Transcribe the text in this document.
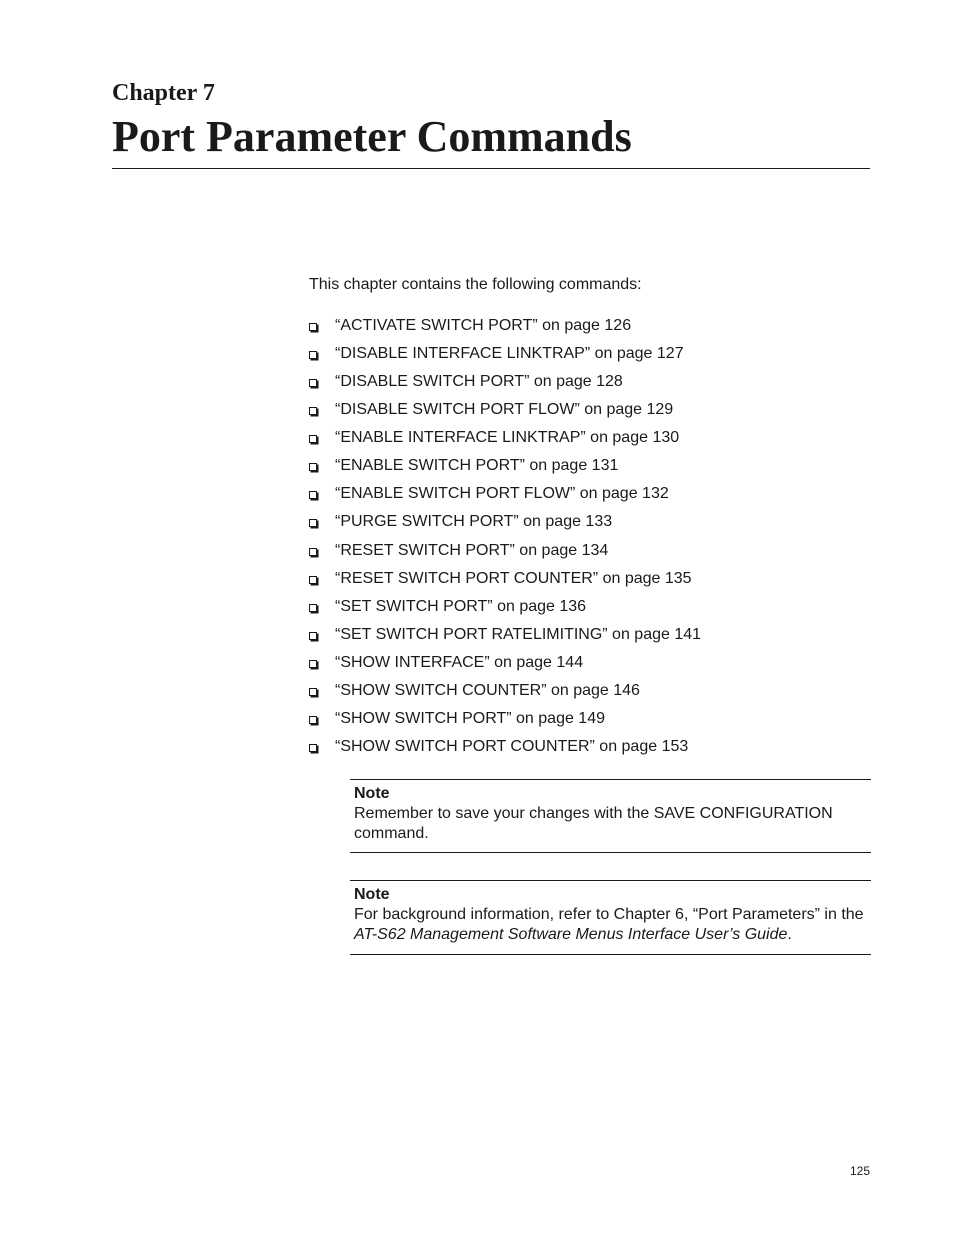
Chapter 7
Port Parameter Commands

This chapter contains the following commands:

“ACTIVATE SWITCH PORT” on page 126
“DISABLE INTERFACE LINKTRAP” on page 127
“DISABLE SWITCH PORT” on page 128
“DISABLE SWITCH PORT FLOW” on page 129
“ENABLE INTERFACE LINKTRAP” on page 130
“ENABLE SWITCH PORT” on page 131
“ENABLE SWITCH PORT FLOW” on page 132
“PURGE SWITCH PORT” on page 133
“RESET SWITCH PORT” on page 134
“RESET SWITCH PORT COUNTER” on page 135
“SET SWITCH PORT” on page 136
“SET SWITCH PORT RATELIMITING” on page 141
“SHOW INTERFACE” on page 144
“SHOW SWITCH COUNTER” on page 146
“SHOW SWITCH PORT” on page 149
“SHOW SWITCH PORT COUNTER” on page 153
Note
Remember to save your changes with the SAVE CONFIGURATION command.
Note
For background information, refer to Chapter 6, “Port Parameters” in the AT-S62 Management Software Menus Interface User’s Guide.
125
